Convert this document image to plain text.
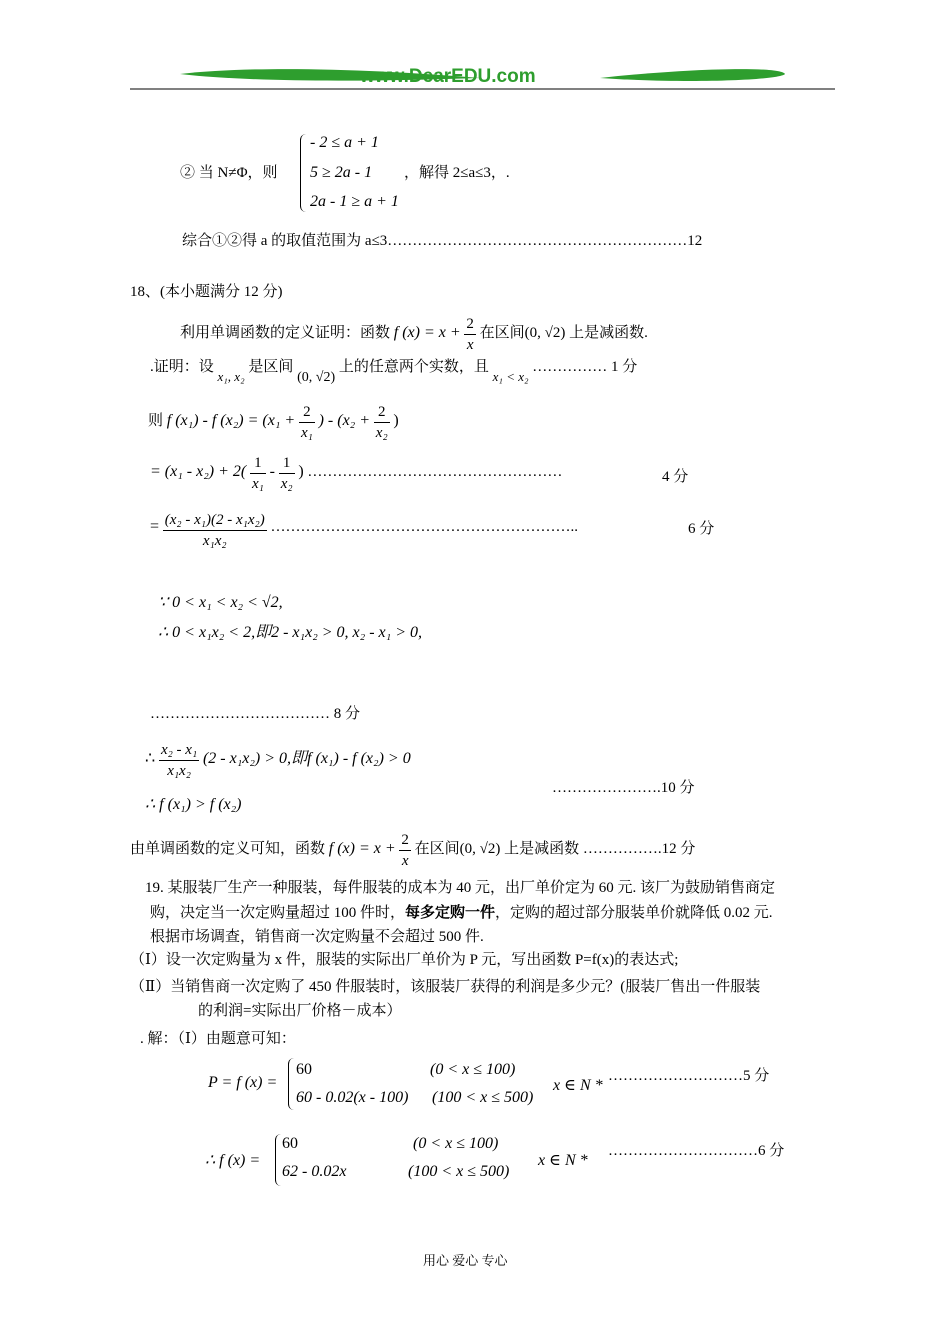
www.DearEDU.com
② 当 N≠Φ，则
- 2 ≤ a + 1
5 ≥ 2a - 1
2a - 1 ≥ a + 1
，解得 2≤a≤3，.
综合①②得 a 的取值范围为 a≤3……………………………………………………12
18、(本小题满分 12 分)
利用单调函数的定义证明：函数 f $(x) = x + \frac{2}{x}$ 在区间(0, √2) 上是减函数.
.证明：设 x₁, x₂ 是区间 (0, √2) 上的任意两个实数，且 x₁ < x₂ …………… 1 分
则 f (x₁) - f $(x_2) = (x_1 + \frac{2}{\text{x₁}}$ ) - ($x_2 + \frac{2}{\text{x₂}}$ )
= $(x_1 - x_2) + 2( \frac{1}{\text{x₁}} - \frac{1}{\text{x₂}}$ ) ……………………………………………	4 分
= $\frac{\text{(x₂ - x₁)(2 - x₁x₂)}}{\text{x₁x₂}}$ ……………………………………………………..	6 分
∵ 0 < x₁ < x₂ < √2,
∴ 0 < x₁x₂ < 2,即2 - x₁x₂ > 0, x₂ - x₁ > 0,
……………………………… 8 分
∴ $\frac{\text{x₂ - x₁}}{\text{x₁x₂}} (2 - x_1x_2) > 0$,即f (x₁) - f (x₂) > 0
∴ f (x₁) > f (x₂)
………………….10 分
由单调函数的定义可知，函数 f $(x) = x + \frac{2}{x}$ 在区间(0, √2) 上是减函数 …………….12 分
19. 某服装厂生产一种服装，每件服装的成本为 40 元，出厂单价定为 60 元. 该厂为鼓励销售商定
购，决定当一次定购量超过 100 件时，每多定购一件，定购的超过部分服装单价就降低 0.02 元.
根据市场调查，销售商一次定购量不会超过 500 件.
（Ⅰ）设一次定购量为 x 件，服装的实际出厂单价为 P 元，写出函数 P=f(x)的表达式;
（Ⅱ）当销售商一次定购了 450 件服装时，该服装厂获得的利润是多少元？(服装厂售出一件服装
的利润=实际出厂价格－成本）
. 解：（Ⅰ）由题意可知：
P = f (x) =
60	(0 < x ≤ 100)
60 - 0.02(x - 100) (100 < x ≤ 500)
x ∈ N *
………………………5 分
∴ f (x) =
60	(0 < x ≤ 100)
62 - 0.02x	(100 < x ≤ 500)
x ∈ N *
…………………………6 分
用心 爱心 专心
